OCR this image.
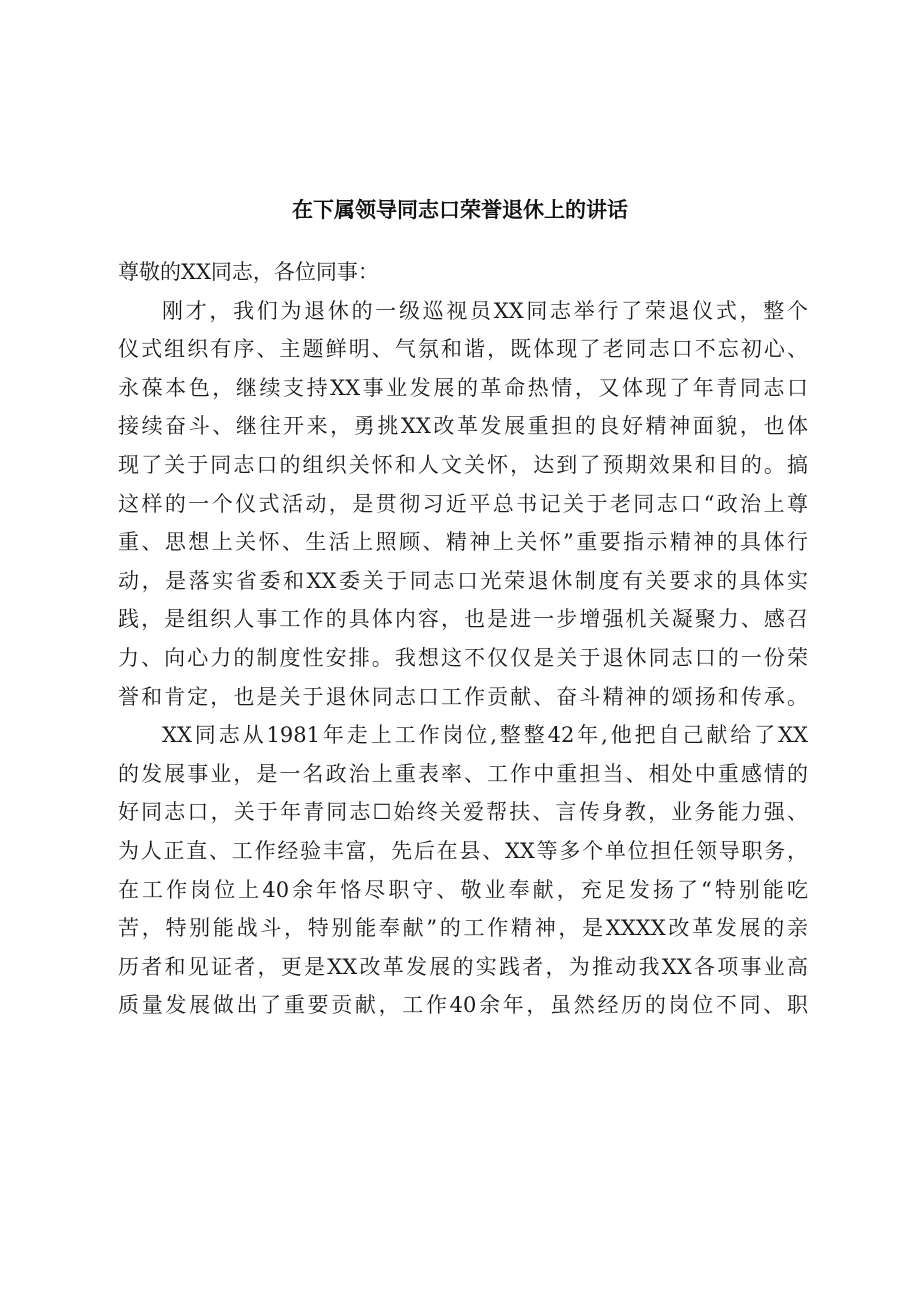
在下属领导同志口荣誉退休上的讲话
尊敬的XX同志，各位同事：

刚才，我们为退休的一级巡视员XX同志举行了荣退仪式，整个
仪式组织有序、主题鲜明、气氛和谐，既体现了老同志口不忘初心、
永葆本色，继续支持XX事业发展的革命热情，又体现了年青同志口
接续奋斗、继往开来，勇挑XX改革发展重担的良好精神面貌，也体
现了关于同志口的组织关怀和人文关怀，达到了预期效果和目的。搞
这样的一个仪式活动，是贯彻习近平总书记关于老同志口“政治上尊
重、思想上关怀、生活上照顾、精神上关怀”重要指示精神的具体行
动，是落实省委和XX委关于同志口光荣退休制度有关要求的具体实
践，是组织人事工作的具体内容，也是进一步增强机关凝聚力、感召
力、向心力的制度性安排。我想这不仅仅是关于退休同志口的一份荣
誉和肯定，也是关于退休同志口工作贡献、奋斗精神的颂扬和传承。

XX同志从1981年走上工作岗位,整整42年,他把自己献给了XX
的发展事业，是一名政治上重表率、工作中重担当、相处中重感情的
好同志口，关于年青同志☐始终关爱帮扶、言传身教，业务能力强、
为人正直、工作经验丰富，先后在县、XX等多个单位担任领导职务，
在工作岗位上40余年恪尽职守、敬业奉献，充足发扬了“特别能吃
苦，特别能战斗，特别能奉献”的工作精神，是XXXX改革发展的亲
历者和见证者，更是XX改革发展的实践者，为推动我XX各项事业高
质量发展做出了重要贡献，工作40余年，虽然经历的岗位不同、职
